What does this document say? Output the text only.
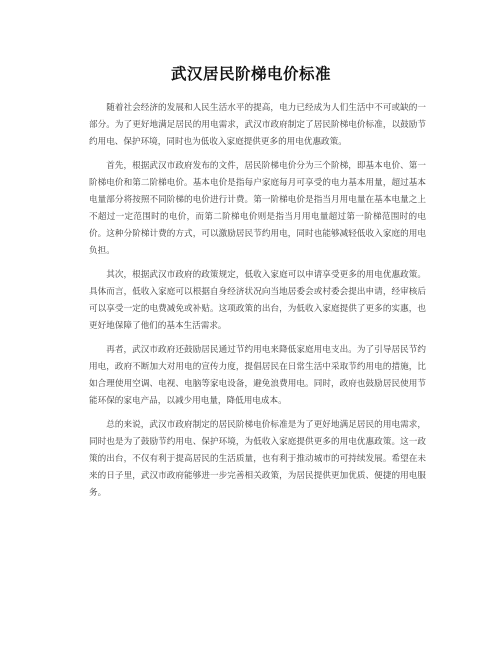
武汉居民阶梯电价标准

随着社会经济的发展和人民生活水平的提高，电力已经成为人们生活中不可或缺的一部分。为了更好地满足居民的用电需求，武汉市政府制定了居民阶梯电价标准，以鼓励节约用电、保护环境，同时也为低收入家庭提供更多的用电优惠政策。

首先，根据武汉市政府发布的文件，居民阶梯电价分为三个阶梯，即基本电价、第一阶梯电价和第二阶梯电价。基本电价是指每户家庭每月可享受的电力基本用量，超过基本电量部分将按照不同阶梯的电价进行计费。第一阶梯电价是指当月用电量在基本电量之上不超过一定范围时的电价，而第二阶梯电价则是指当月用电量超过第一阶梯范围时的电价。这种分阶梯计费的方式，可以激励居民节约用电，同时也能够减轻低收入家庭的用电负担。

其次，根据武汉市政府的政策规定，低收入家庭可以申请享受更多的用电优惠政策。具体而言，低收入家庭可以根据自身经济状况向当地居委会或村委会提出申请，经审核后可以享受一定的电费减免或补贴。这项政策的出台，为低收入家庭提供了更多的实惠，也更好地保障了他们的基本生活需求。

再者，武汉市政府还鼓励居民通过节约用电来降低家庭用电支出。为了引导居民节约用电，政府不断加大对用电的宣传力度，提倡居民在日常生活中采取节约用电的措施，比如合理使用空调、电视、电脑等家电设备，避免浪费用电。同时，政府也鼓励居民使用节能环保的家电产品，以减少用电量，降低用电成本。

总的来说，武汉市政府制定的居民阶梯电价标准是为了更好地满足居民的用电需求，同时也是为了鼓励节约用电、保护环境，为低收入家庭提供更多的用电优惠政策。这一政策的出台，不仅有利于提高居民的生活质量，也有利于推动城市的可持续发展。希望在未来的日子里，武汉市政府能够进一步完善相关政策，为居民提供更加优质、便捷的用电服务。
